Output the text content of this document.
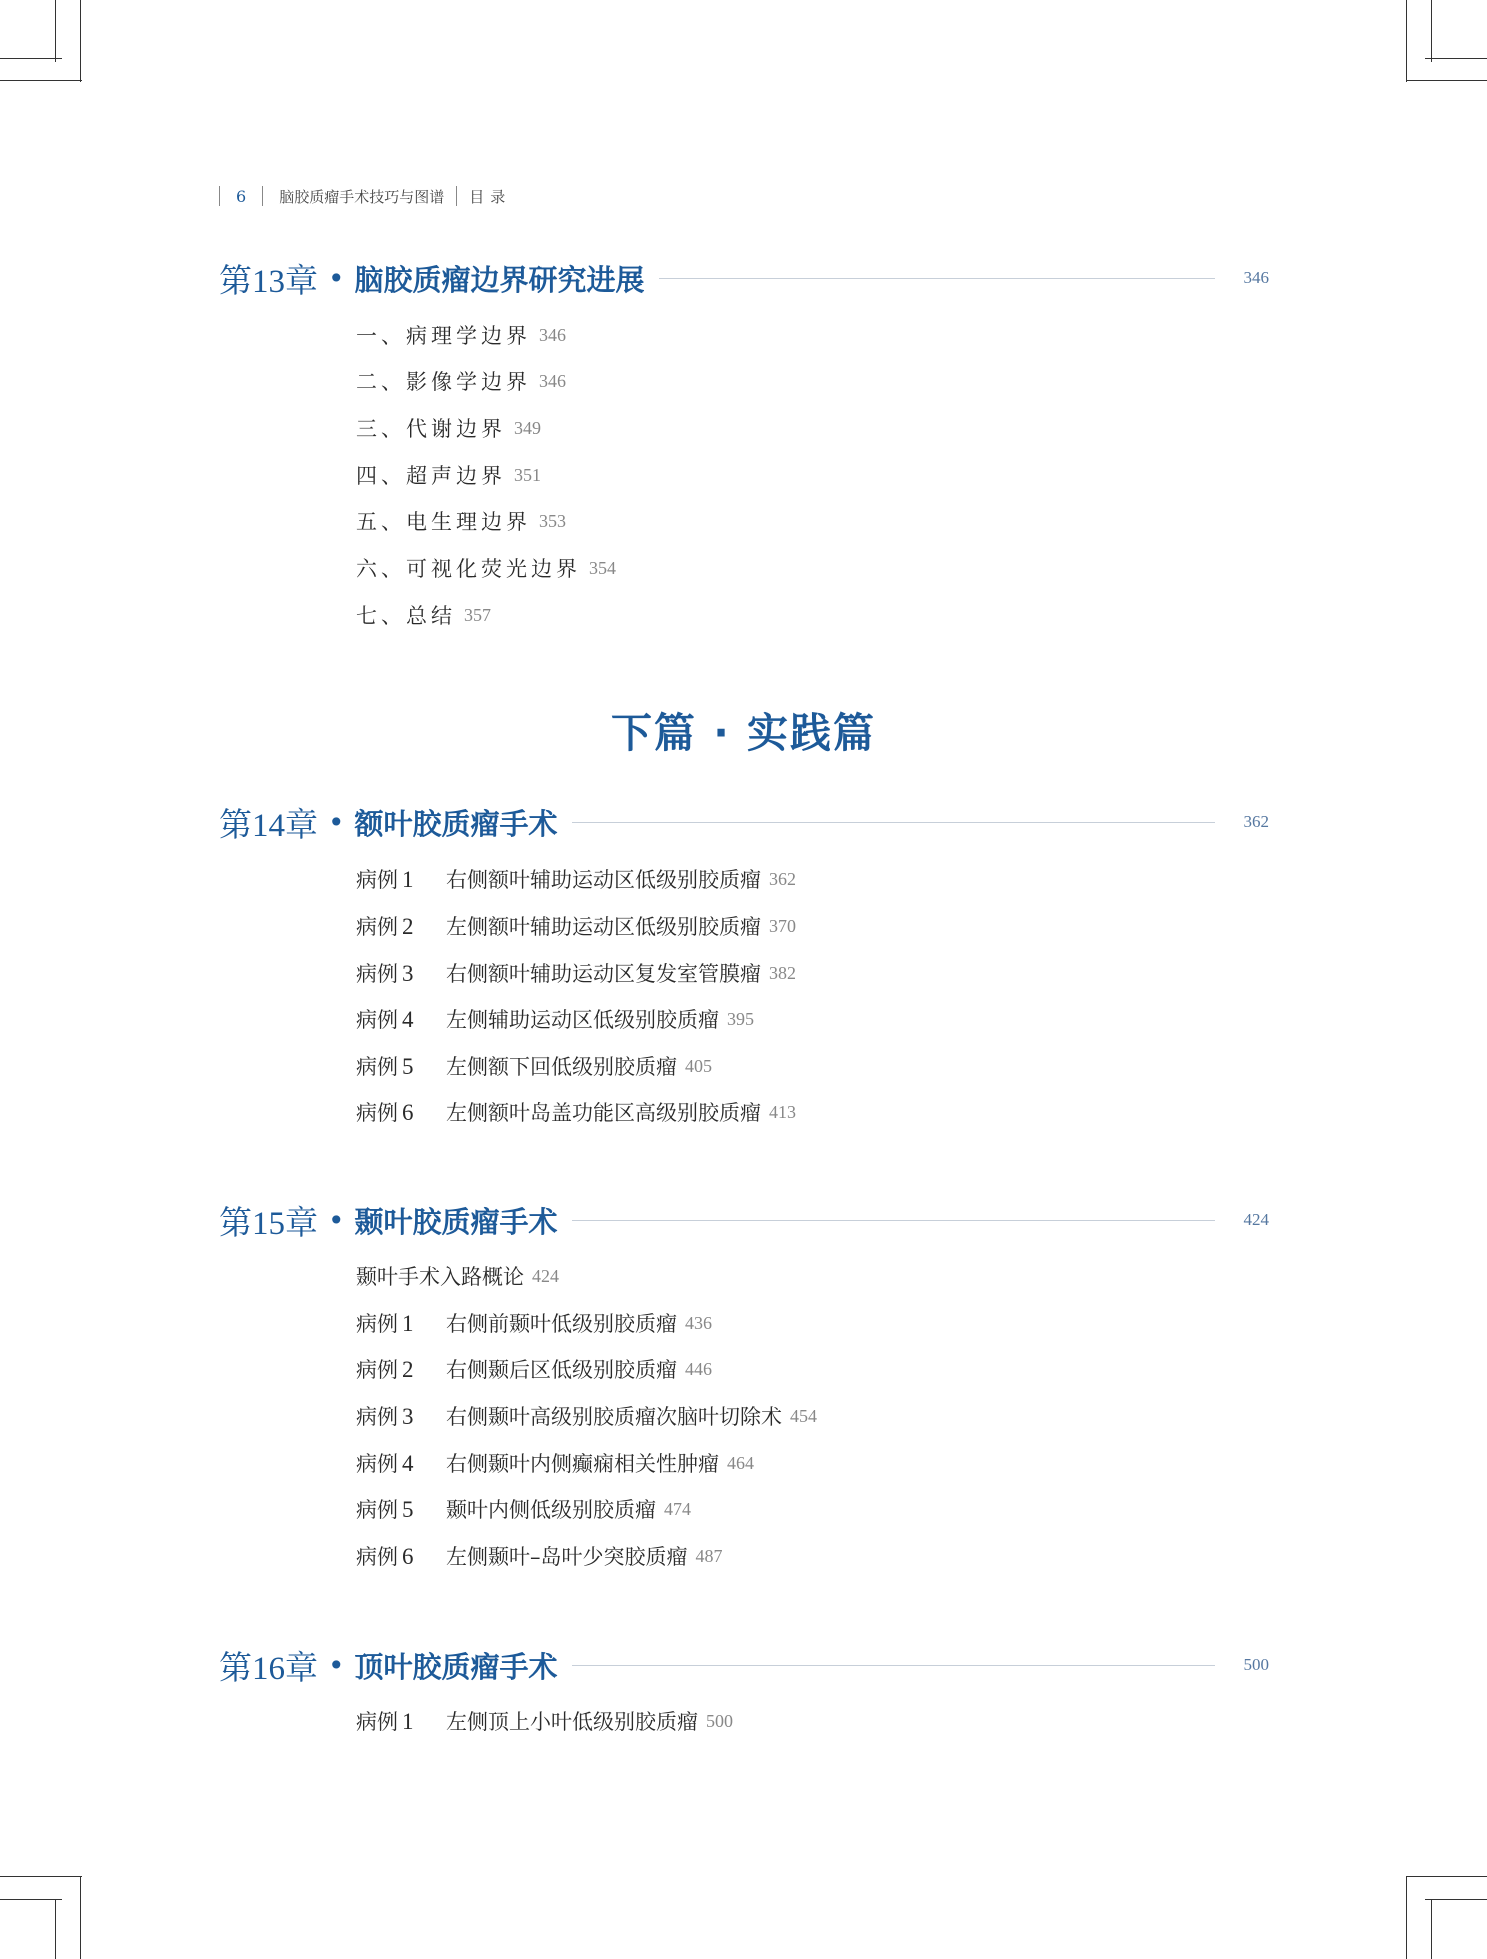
6 脑胶质瘤手术技巧与图谱 目录
第13章 • 脑胶质瘤边界研究进展	346
一、病理学边界 346
二、影像学边界 346
三、代谢边界 349
四、超声边界 351
五、电生理边界 353
六、可视化荧光边界 354
七、总结 357
下篇 · 实践篇
第14章 • 额叶胶质瘤手术	362
病例 1	右侧额叶辅助运动区低级别胶质瘤 362
病例 2	左侧额叶辅助运动区低级别胶质瘤 370
病例 3	右侧额叶辅助运动区复发室管膜瘤 382
病例 4	左侧辅助运动区低级别胶质瘤 395
病例 5	左侧额下回低级别胶质瘤 405
病例 6	左侧额叶岛盖功能区高级别胶质瘤 413
第15章 • 颞叶胶质瘤手术	424
颞叶手术入路概论 424
病例 1	右侧前颞叶低级别胶质瘤 436
病例 2	右侧颞后区低级别胶质瘤 446
病例 3	右侧颞叶高级别胶质瘤次脑叶切除术 454
病例 4	右侧颞叶内侧癫痫相关性肿瘤 464
病例 5	颞叶内侧低级别胶质瘤 474
病例 6	左侧颞叶–岛叶少突胶质瘤 487
第16章 • 顶叶胶质瘤手术	500
病例 1	左侧顶上小叶低级别胶质瘤 500
